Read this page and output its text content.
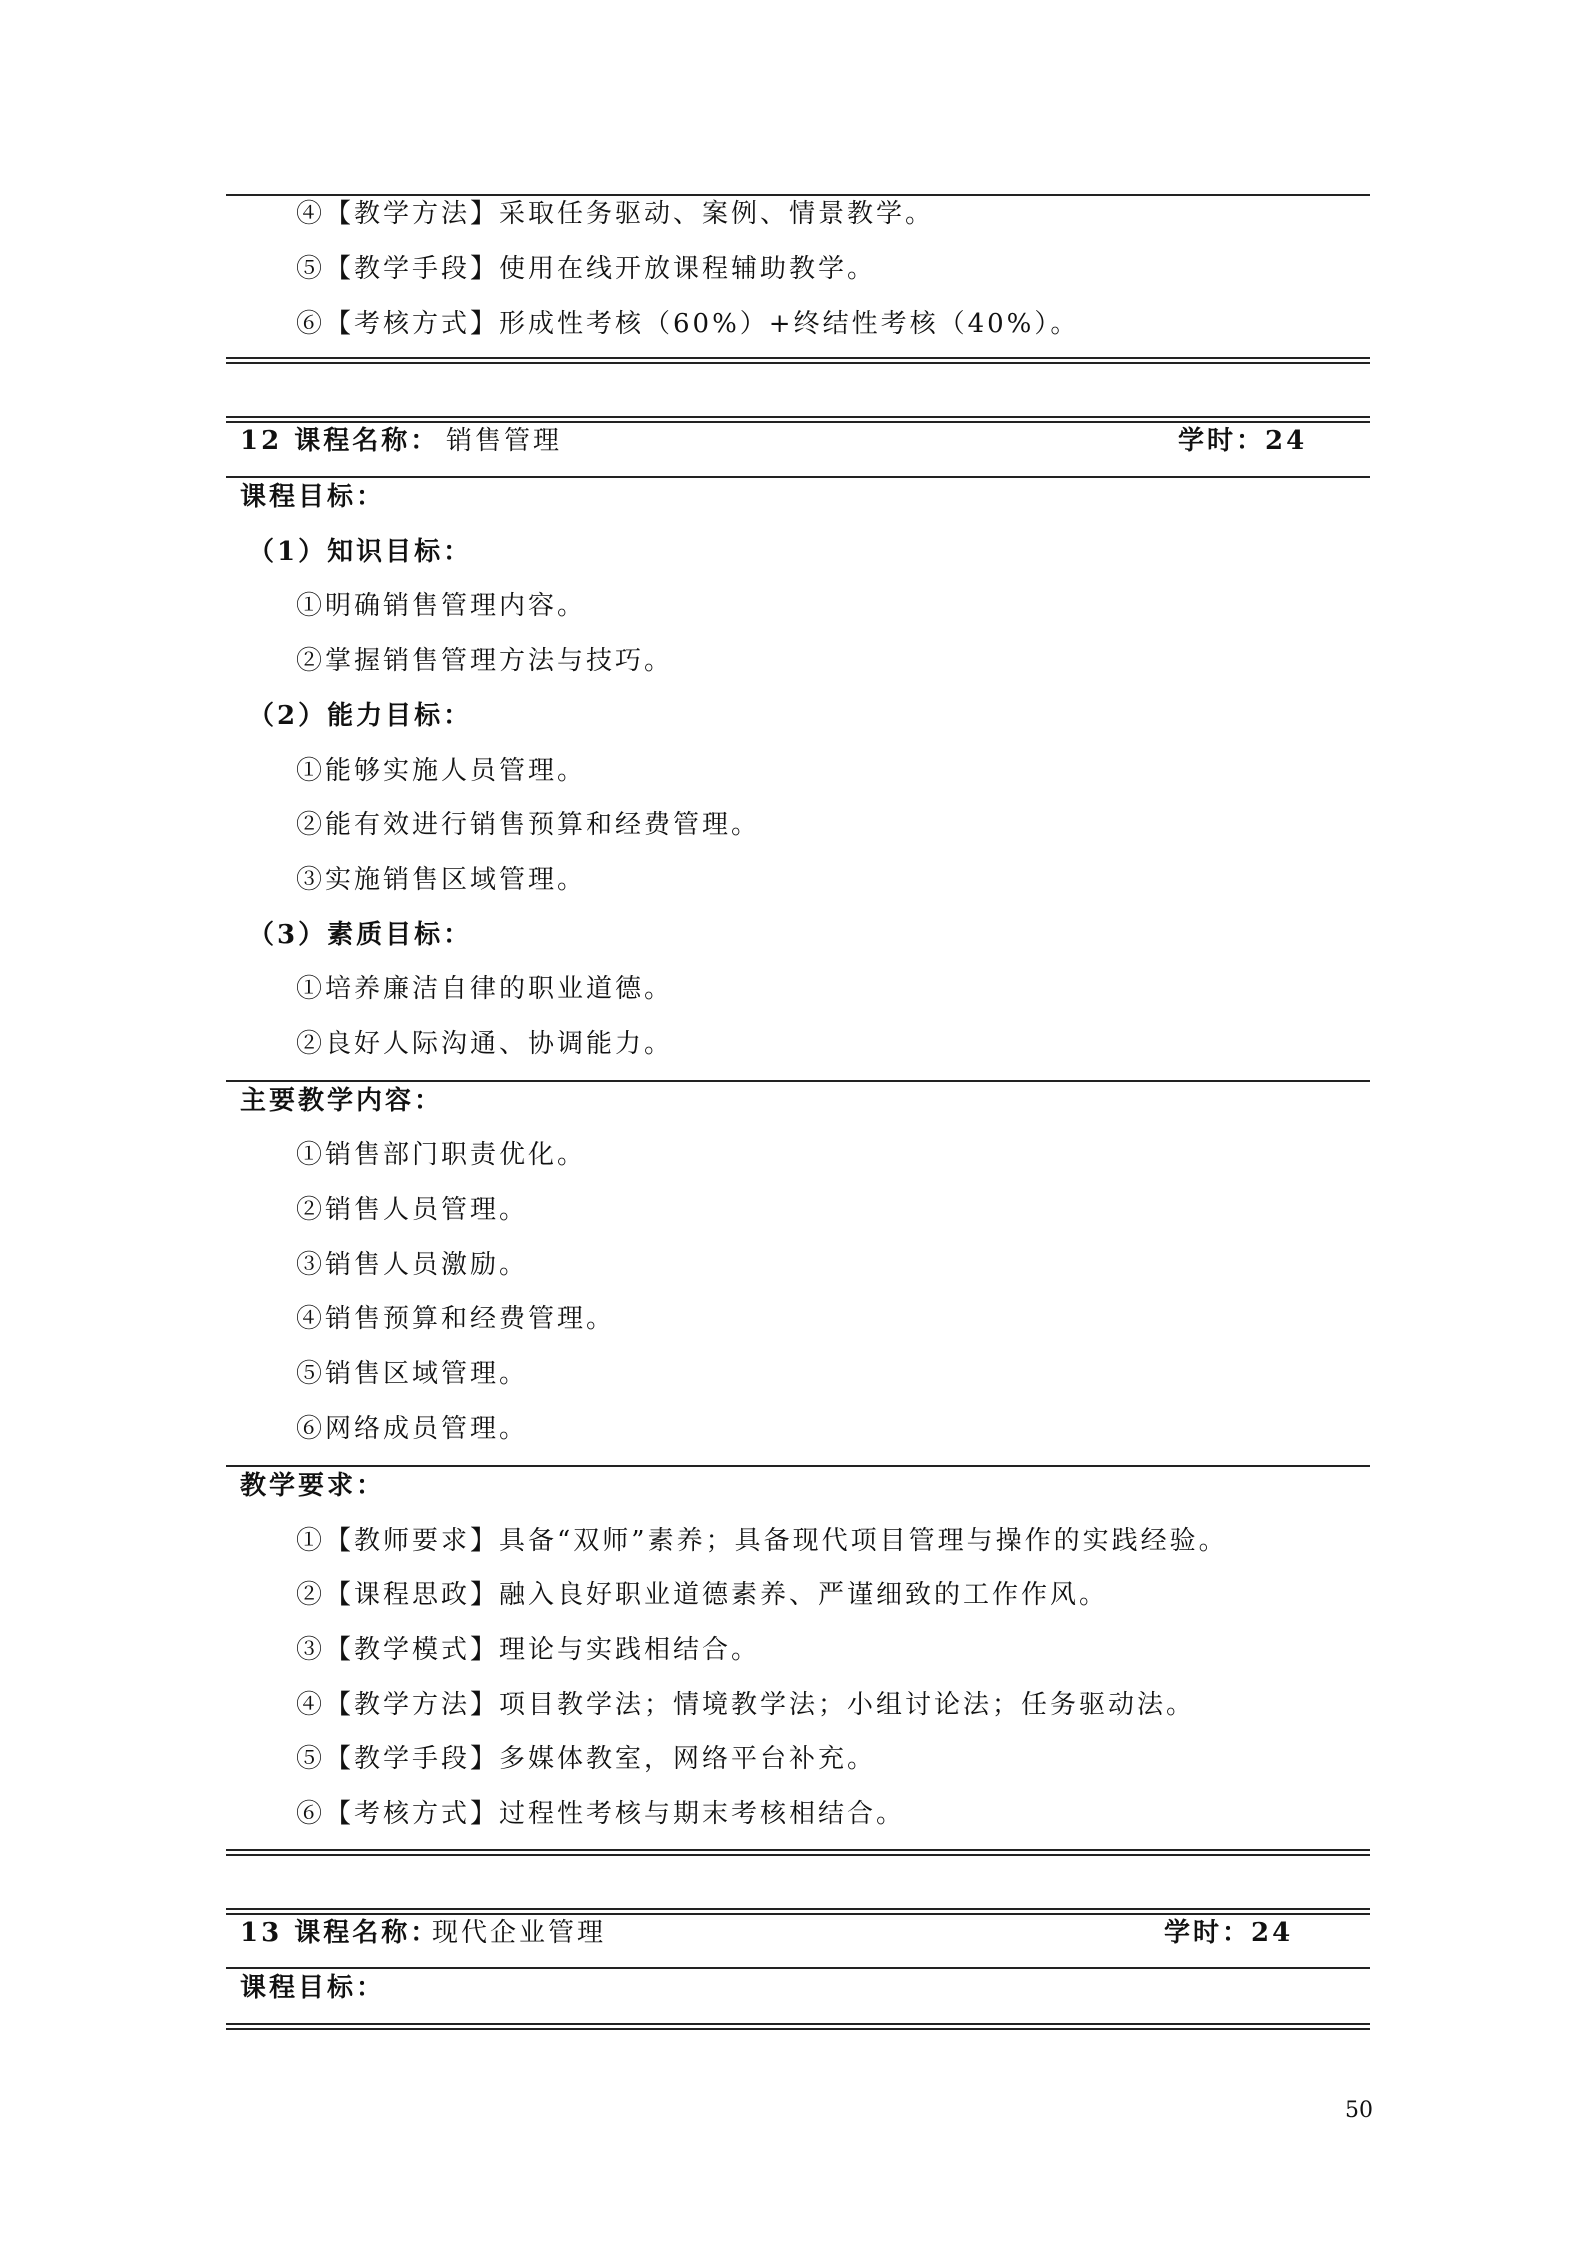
④【教学方法】采取任务驱动、案例、情景教学。
⑤【教学手段】使用在线开放课程辅助教学。
⑥【考核方式】形成性考核（60%）+终结性考核（40%）。
12 课程名称： 销售管理	学时：24
课程目标：
（1）知识目标：
①明确销售管理内容。
②掌握销售管理方法与技巧。
（2）能力目标：
①能够实施人员管理。
②能有效进行销售预算和经费管理。
③实施销售区域管理。
（3）素质目标：
①培养廉洁自律的职业道德。
②良好人际沟通、协调能力。
主要教学内容：
①销售部门职责优化。
②销售人员管理。
③销售人员激励。
④销售预算和经费管理。
⑤销售区域管理。
⑥网络成员管理。
教学要求：
①【教师要求】具备“双师”素养；具备现代项目管理与操作的实践经验。
②【课程思政】融入良好职业道德素养、严谨细致的工作作风。
③【教学模式】理论与实践相结合。
④【教学方法】项目教学法；情境教学法；小组讨论法；任务驱动法。
⑤【教学手段】多媒体教室，网络平台补充。
⑥【考核方式】过程性考核与期末考核相结合。
13 课程名称：
现代企业管理	学时：24
课程目标：
50
